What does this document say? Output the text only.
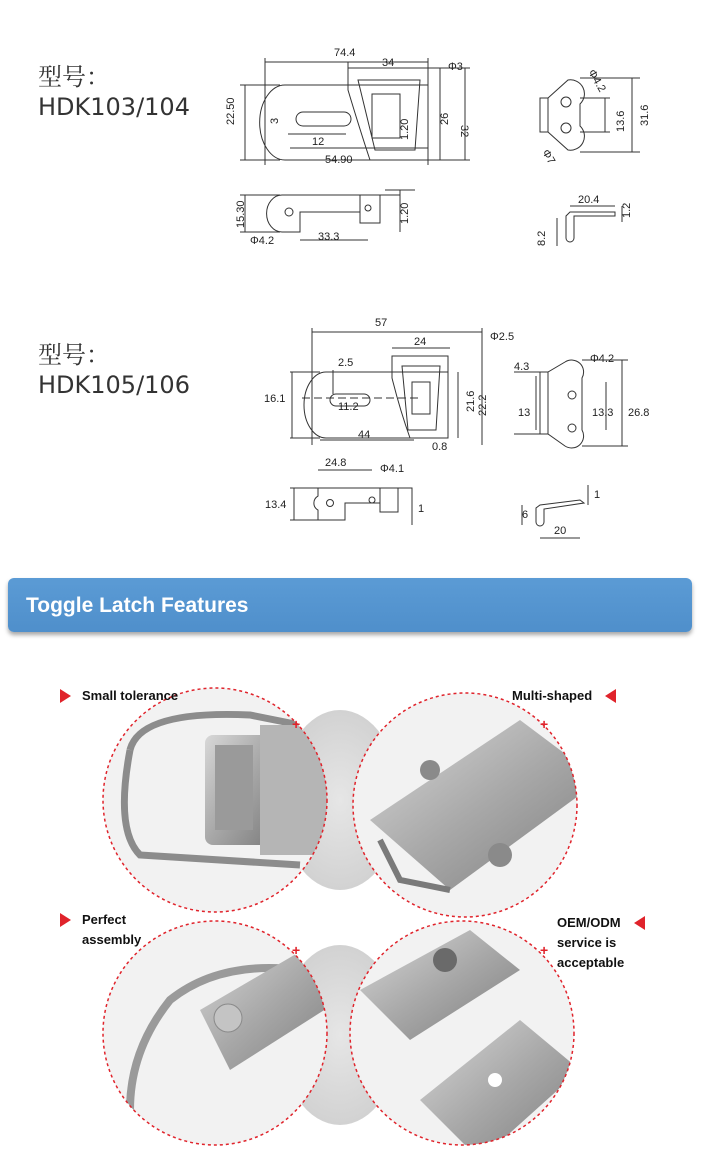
型号：
HDK103/104
型号：
HDK105/106
74.4
34	Φ3
22.50	3
12
1.20	26
32
54.90
15.30
Φ4.2	33.3
1.20
Φ4.2
13.6 31.6
Φ7
20.4
1.2
8.2
57
24	Φ2.5
2.5
16.1
11.2	21.6 22.2
44
0.8
24.8	Φ4.1
13.4	1
4.3
Φ4.2
13	13.3 26.8
1
6
20
Toggle Latch Features
+	+
+	+
Small tolerance	Multi-shaped
Perfect assembly
OEM/ODM service is acceptable
